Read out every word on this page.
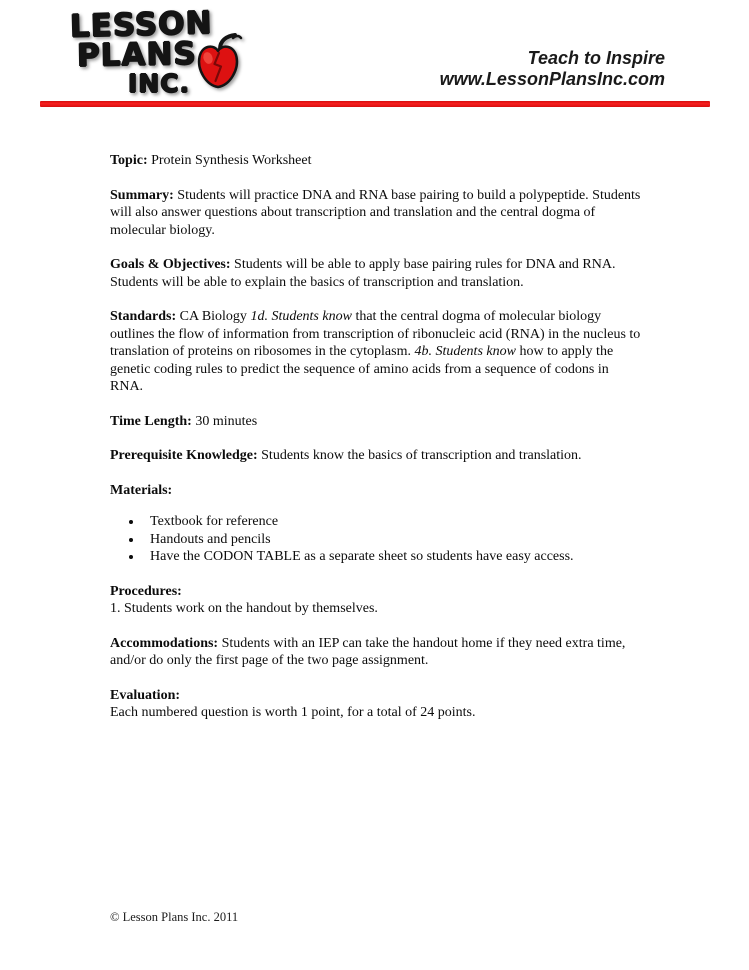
LESSON
PLANS
INC.
Teach to Inspire
www.LessonPlansInc.com

Topic: Protein Synthesis Worksheet

Summary: Students will practice DNA and RNA base pairing to build a polypeptide. Students will also answer questions about transcription and translation and the central dogma of molecular biology.

Goals & Objectives: Students will be able to apply base pairing rules for DNA and RNA. Students will be able to explain the basics of transcription and translation.

Standards: CA Biology 1d. Students know that the central dogma of molecular biology outlines the flow of information from transcription of ribonucleic acid (RNA) in the nucleus to translation of proteins on ribosomes in the cytoplasm. 4b. Students know how to apply the genetic coding rules to predict the sequence of amino acids from a sequence of codons in RNA.

Time Length: 30 minutes

Prerequisite Knowledge: Students know the basics of transcription and translation.

Materials:

• Textbook for reference
• Handouts and pencils
• Have the CODON TABLE as a separate sheet so students have easy access.

Procedures:
1. Students work on the handout by themselves.

Accommodations: Students with an IEP can take the handout home if they need extra time, and/or do only the first page of the two page assignment.

Evaluation:
Each numbered question is worth 1 point, for a total of 24 points.

© Lesson Plans Inc. 2011
